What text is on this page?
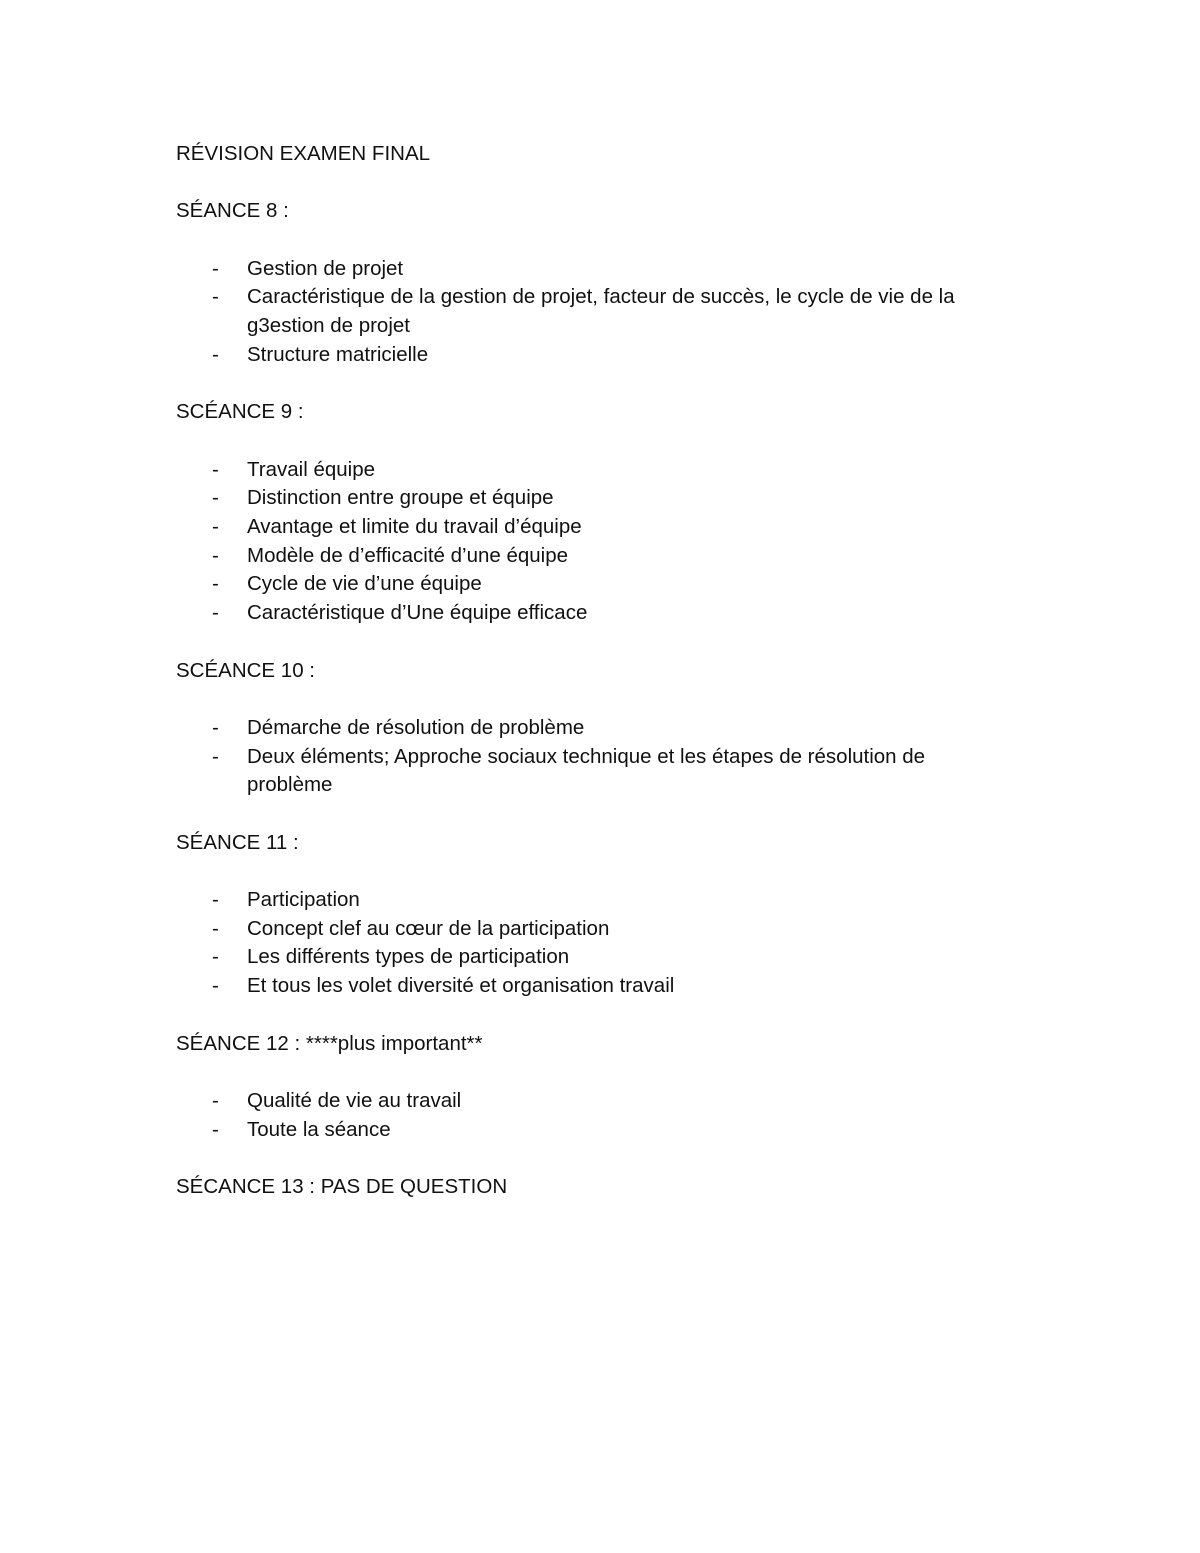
RÉVISION EXAMEN FINAL
SÉANCE 8 :
- Gestion de projet
- Caractéristique de la gestion de projet, facteur de succès, le cycle de vie de la g3estion de projet
- Structure matricielle
SCÉANCE 9 :
- Travail équipe
- Distinction entre groupe et équipe
- Avantage et limite du travail d’équipe
- Modèle de d’efficacité d’une équipe
- Cycle de vie d’une équipe
- Caractéristique d’Une équipe efficace
SCÉANCE 10 :
- Démarche de résolution de problème
- Deux éléments; Approche sociaux technique et les étapes de résolution de problème
SÉANCE 11 :
- Participation
- Concept clef au cœur de la participation
- Les différents types de participation
- Et tous les volet diversité et organisation travail
SÉANCE 12 : ****plus important**
- Qualité de vie au travail
- Toute la séance
SÉCANCE 13 : PAS DE QUESTION
